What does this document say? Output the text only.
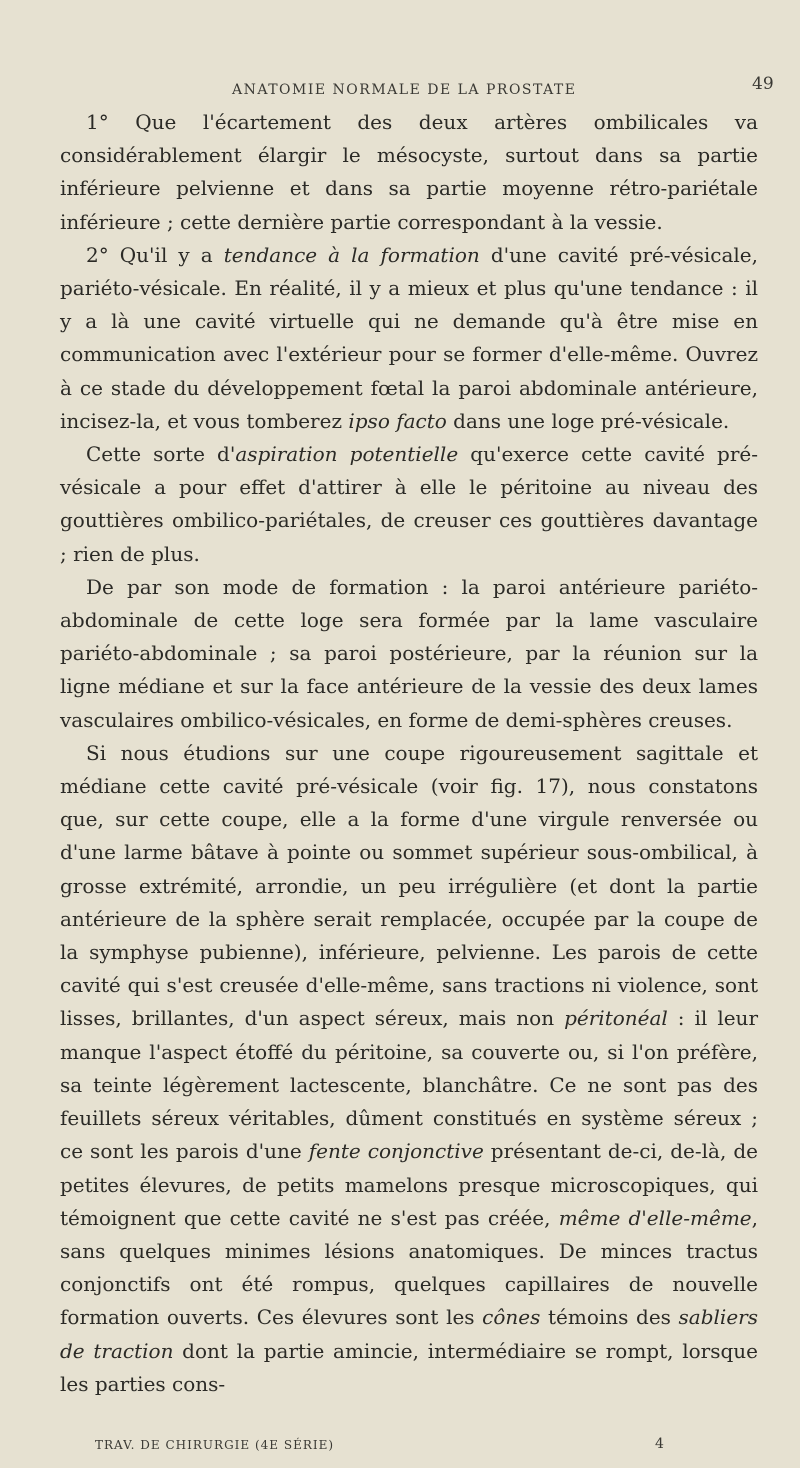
ANATOMIE NORMALE DE LA PROSTATE	49

1° Que l'écartement des deux artères ombilicales va considérablement élargir le mésocyste, surtout dans sa partie inférieure pelvienne et dans sa partie moyenne rétro-pariétale inférieure ; cette dernière partie correspondant à la vessie.

2° Qu'il y a tendance à la formation d'une cavité pré-vésicale, pariéto-vésicale. En réalité, il y a mieux et plus qu'une tendance : il y a là une cavité virtuelle qui ne demande qu'à être mise en communication avec l'extérieur pour se former d'elle-même. Ouvrez à ce stade du développement fœtal la paroi abdominale antérieure, incisez-la, et vous tomberez ipso facto dans une loge pré-vésicale.

Cette sorte d'aspiration potentielle qu'exerce cette cavité pré-vésicale a pour effet d'attirer à elle le péritoine au niveau des gouttières ombilico-pariétales, de creuser ces gouttières davantage ; rien de plus.

De par son mode de formation : la paroi antérieure pariéto-abdominale de cette loge sera formée par la lame vasculaire pariéto-abdominale ; sa paroi postérieure, par la réunion sur la ligne médiane et sur la face antérieure de la vessie des deux lames vasculaires ombilico-vésicales, en forme de demi-sphères creuses.

Si nous étudions sur une coupe rigoureusement sagittale et médiane cette cavité pré-vésicale (voir fig. 17), nous constatons que, sur cette coupe, elle a la forme d'une virgule renversée ou d'une larme bâtave à pointe ou sommet supérieur sous-ombilical, à grosse extrémité, arrondie, un peu irrégulière (et dont la partie antérieure de la sphère serait remplacée, occupée par la coupe de la symphyse pubienne), inférieure, pelvienne. Les parois de cette cavité qui s'est creusée d'elle-même, sans tractions ni violence, sont lisses, brillantes, d'un aspect séreux, mais non péritonéal : il leur manque l'aspect étoffé du péritoine, sa couverte ou, si l'on préfère, sa teinte légèrement lactescente, blanchâtre. Ce ne sont pas des feuillets séreux véritables, dûment constitués en système séreux ; ce sont les parois d'une fente conjonctive présentant de-ci, de-là, de petites élevures, de petits mamelons presque microscopiques, qui témoignent que cette cavité ne s'est pas créée, même d'elle-même, sans quelques minimes lésions anatomiques. De minces tractus conjonctifs ont été rompus, quelques capillaires de nouvelle formation ouverts. Ces élevures sont les cônes témoins des sabliers de traction dont la partie amincie, intermédiaire se rompt, lorsque les parties cons-

TRAV. DE CHIRURGIE (4E SÉRIE)	4
